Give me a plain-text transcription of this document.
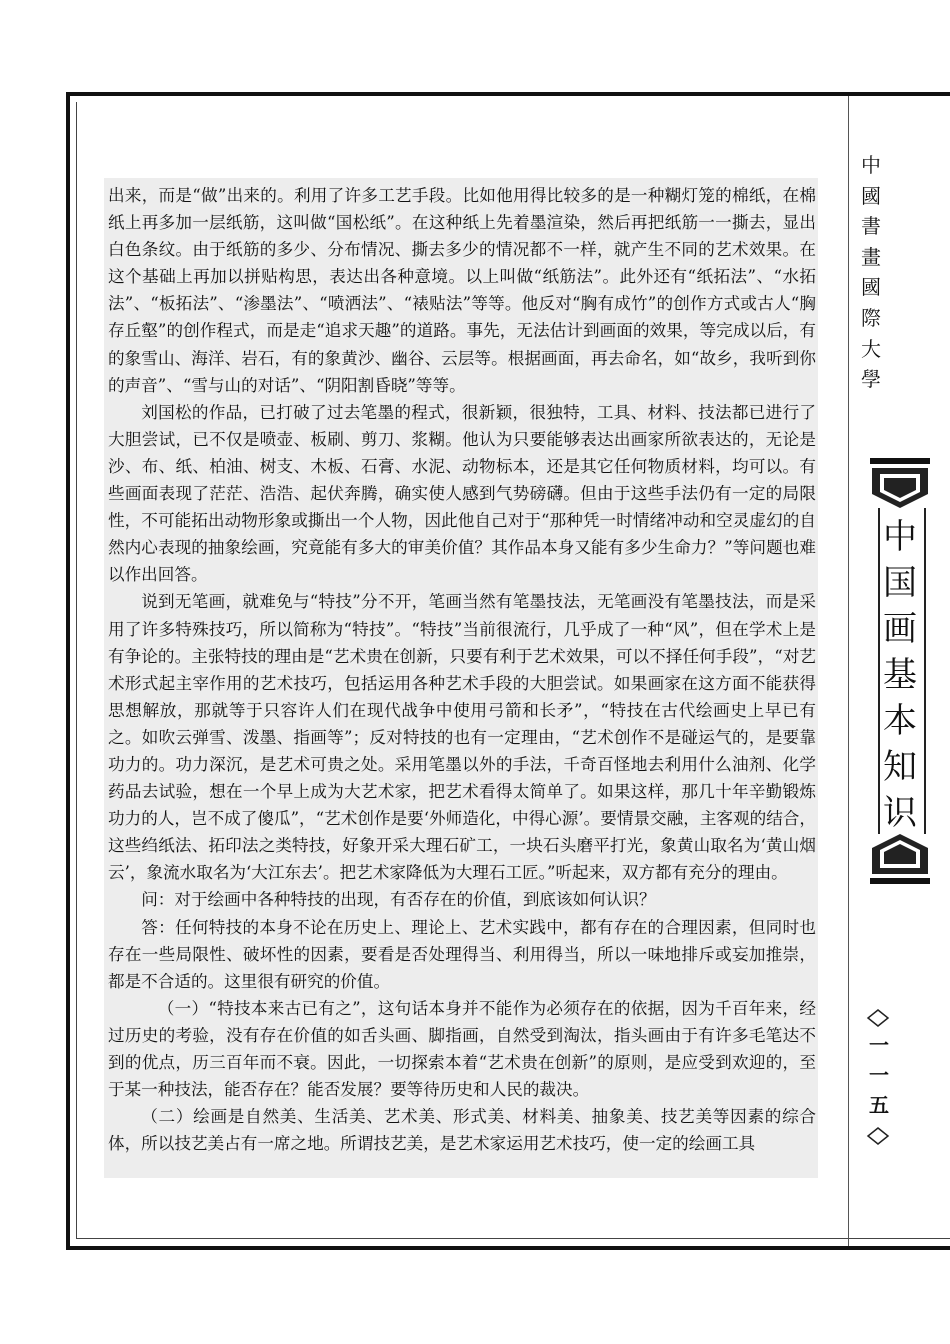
出来，而是“做”出来的。利用了许多工艺手段。比如他用得比较多的是一种糊灯笼的棉纸，在棉纸上再多加一层纸筋，这叫做“国松纸”。在这种纸上先着墨渲染，然后再把纸筋一一撕去，显出白色条纹。由于纸筋的多少、分布情况、撕去多少的情况都不一样，就产生不同的艺术效果。在这个基础上再加以拼贴构思，表达出各种意境。以上叫做“纸筋法”。此外还有“纸拓法”、“水拓法”、“板拓法”、“渗墨法”、“喷洒法”、“裱贴法”等等。他反对“胸有成竹”的创作方式或古人“胸存丘壑”的创作程式，而是走“追求天趣”的道路。事先，无法估计到画面的效果，等完成以后，有的象雪山、海洋、岩石，有的象黄沙、幽谷、云层等。根据画面，再去命名，如“故乡，我听到你的声音”、“雪与山的对话”、“阴阳割昏晓”等等。

刘国松的作品，已打破了过去笔墨的程式，很新颖，很独特，工具、材料、技法都已进行了大胆尝试，已不仅是喷壶、板刷、剪刀、浆糊。他认为只要能够表达出画家所欲表达的，无论是沙、布、纸、柏油、树支、木板、石膏、水泥、动物标本，还是其它任何物质材料，均可以。有些画面表现了茫茫、浩浩、起伏奔腾，确实使人感到气势磅礴。但由于这些手法仍有一定的局限性，不可能拓出动物形象或撕出一个人物，因此他自己对于“那种凭一时情绪冲动和空灵虚幻的自然内心表现的抽象绘画，究竟能有多大的审美价值？其作品本身又能有多少生命力？”等问题也难以作出回答。

说到无笔画，就难免与“特技”分不开，笔画当然有笔墨技法，无笔画没有笔墨技法，而是采用了许多特殊技巧，所以简称为“特技”。“特技”当前很流行，几乎成了一种“风”，但在学术上是有争论的。主张特技的理由是“艺术贵在创新，只要有利于艺术效果，可以不择任何手段”，“对艺术形式起主宰作用的艺术技巧，包括运用各种艺术手段的大胆尝试。如果画家在这方面不能获得思想解放，那就等于只容许人们在现代战争中使用弓箭和长矛”，“特技在古代绘画史上早已有之。如吹云弹雪、泼墨、指画等”；反对特技的也有一定理由，“艺术创作不是碰运气的，是要靠功力的。功力深沉，是艺术可贵之处。采用笔墨以外的手法，千奇百怪地去利用什么油剂、化学药品去试验，想在一个早上成为大艺术家，把艺术看得太简单了。如果这样，那几十年辛勤锻炼功力的人，岂不成了傻瓜”，“艺术创作是要‘外师造化，中得心源’。要情景交融，主客观的结合，这些绉纸法、拓印法之类特技，好象开采大理石矿工，一块石头磨平打光，象黄山取名为‘黄山烟云’，象流水取名为‘大江东去’。把艺术家降低为大理石工匠。”听起来，双方都有充分的理由。

问：对于绘画中各种特技的出现，有否存在的价值，到底该如何认识？

答：任何特技的本身不论在历史上、理论上、艺术实践中，都有存在的合理因素，但同时也存在一些局限性、破坏性的因素，要看是否处理得当、利用得当，所以一味地排斥或妄加推崇，都是不合适的。这里很有研究的价值。

（一）“特技本来古已有之”，这句话本身并不能作为必须存在的依据，因为千百年来，经过历史的考验，没有存在价值的如舌头画、脚指画，自然受到淘汰，指头画由于有许多毛笔达不到的优点，历三百年而不衰。因此，一切探索本着“艺术贵在创新”的原则，是应受到欢迎的，至于某一种技法，能否存在？能否发展？要等待历史和人民的裁决。

（二）绘画是自然美、生活美、艺术美、形式美、材料美、抽象美、技艺美等因素的综合体，所以技艺美占有一席之地。所谓技艺美，是艺术家运用艺术技巧，使一定的绘画工具

中
國
書
畫
國
際
大
學
中
国
画
基
本
知
识
一
一
五
